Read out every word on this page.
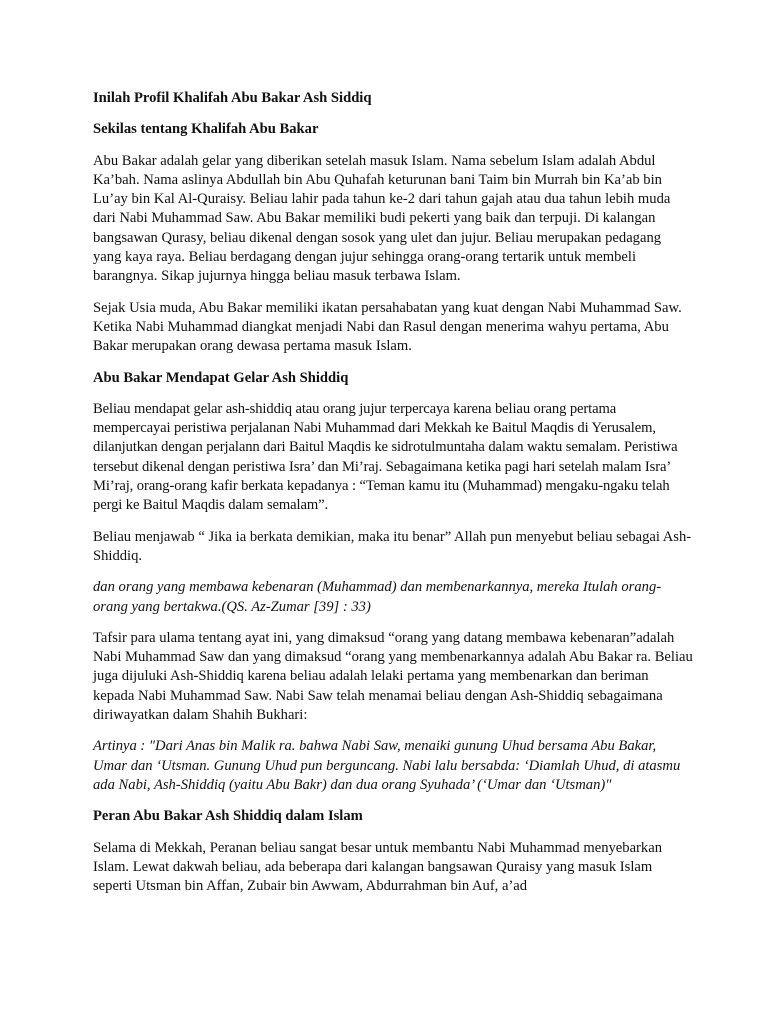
Inilah Profil Khalifah Abu Bakar Ash Siddiq

Sekilas tentang Khalifah Abu Bakar

Abu Bakar adalah gelar yang diberikan setelah masuk Islam. Nama sebelum Islam adalah Abdul Ka’bah. Nama aslinya Abdullah bin Abu Quhafah keturunan bani Taim bin Murrah bin Ka’ab bin Lu’ay bin Kal Al-Quraisy. Beliau lahir pada tahun ke-2 dari tahun gajah atau dua tahun lebih muda dari Nabi Muhammad Saw. Abu Bakar memiliki budi pekerti yang baik dan terpuji. Di kalangan bangsawan Qurasy, beliau dikenal dengan sosok yang ulet dan jujur. Beliau merupakan pedagang yang kaya raya. Beliau berdagang dengan jujur sehingga orang-orang tertarik untuk membeli barangnya. Sikap jujurnya hingga beliau masuk terbawa Islam.

Sejak Usia muda, Abu Bakar memiliki ikatan persahabatan yang kuat dengan Nabi Muhammad Saw. Ketika Nabi Muhammad diangkat menjadi Nabi dan Rasul dengan menerima wahyu pertama, Abu Bakar merupakan orang dewasa pertama masuk Islam.

Abu Bakar Mendapat Gelar Ash Shiddiq

Beliau mendapat gelar ash-shiddiq atau orang jujur terpercaya karena beliau orang pertama mempercayai peristiwa perjalanan Nabi Muhammad dari Mekkah ke Baitul Maqdis di Yerusalem, dilanjutkan dengan perjalann dari Baitul Maqdis ke sidrotulmuntaha dalam waktu semalam. Peristiwa tersebut dikenal dengan peristiwa Isra’ dan Mi’raj. Sebagaimana ketika pagi hari setelah malam Isra’ Mi’raj, orang-orang kafir berkata kepadanya : “Teman kamu itu (Muhammad) mengaku-ngaku telah pergi ke Baitul Maqdis dalam semalam”.

Beliau menjawab “ Jika ia berkata demikian, maka itu benar” Allah pun menyebut beliau sebagai Ash-Shiddiq.

dan orang yang membawa kebenaran (Muhammad) dan membenarkannya, mereka Itulah orang-orang yang bertakwa.(QS. Az-Zumar [39] : 33)

Tafsir para ulama tentang ayat ini, yang dimaksud “orang yang datang membawa kebenaran”adalah Nabi Muhammad Saw dan yang dimaksud “orang yang membenarkannya adalah Abu Bakar ra. Beliau juga dijuluki Ash-Shiddiq karena beliau adalah lelaki pertama yang membenarkan dan beriman kepada Nabi Muhammad Saw. Nabi Saw telah menamai beliau dengan Ash-Shiddiq sebagaimana diriwayatkan dalam Shahih Bukhari:

Artinya : "Dari Anas bin Malik ra. bahwa Nabi Saw, menaiki gunung Uhud bersama Abu Bakar, Umar dan ‘Utsman. Gunung Uhud pun berguncang. Nabi lalu bersabda: ‘Diamlah Uhud, di atasmu ada Nabi, Ash-Shiddiq (yaitu Abu Bakr) dan dua orang Syuhada’ (‘Umar dan ‘Utsman)"

Peran Abu Bakar Ash Shiddiq dalam Islam

Selama di Mekkah, Peranan beliau sangat besar untuk membantu Nabi Muhammad menyebarkan Islam. Lewat dakwah beliau, ada beberapa dari kalangan bangsawan Quraisy yang masuk Islam seperti Utsman bin Affan, Zubair bin Awwam, Abdurrahman bin Auf, a’ad
